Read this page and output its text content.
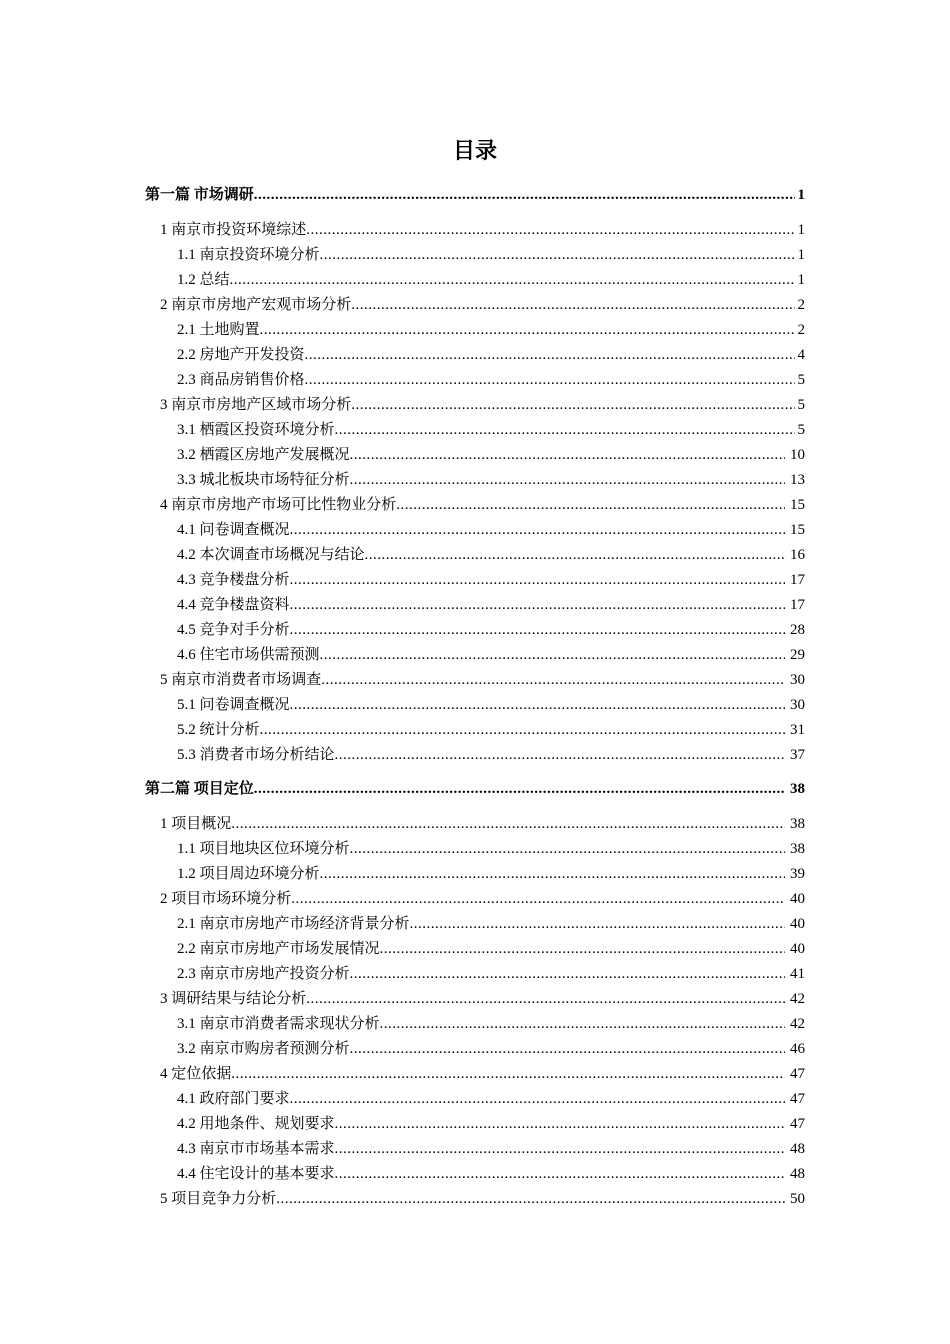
目录
第一篇 市场调研 .....	1
1 南京市投资环境综述 .....	1
1.1 南京投资环境分析 .....	1
1.2 总结 .....	1
2 南京市房地产宏观市场分析 .....	2
2.1 土地购置 .....	2
2.2 房地产开发投资 .....	4
2.3 商品房销售价格 .....	5
3 南京市房地产区域市场分析 .....	5
3.1 栖霞区投资环境分析 .....	5
3.2 栖霞区房地产发展概况 .....	10
3.3 城北板块市场特征分析 .....	13
4 南京市房地产市场可比性物业分析 .....	15
4.1 问卷调查概况 .....	15
4.2 本次调查市场概况与结论 .....	16
4.3 竞争楼盘分析 .....	17
4.4 竞争楼盘资料 .....	17
4.5 竞争对手分析 .....	28
4.6 住宅市场供需预测 .....	29
5 南京市消费者市场调查 .....	30
5.1 问卷调查概况 .....	30
5.2 统计分析 .....	31
5.3 消费者市场分析结论 .....	37
第二篇 项目定位 .....	38
1 项目概况 .....	38
1.1 项目地块区位环境分析 .....	38
1.2 项目周边环境分析 .....	39
2 项目市场环境分析 .....	40
2.1 南京市房地产市场经济背景分析 .....	40
2.2 南京市房地产市场发展情况 .....	40
2.3 南京市房地产投资分析 .....	41
3 调研结果与结论分析 .....	42
3.1 南京市消费者需求现状分析 .....	42
3.2 南京市购房者预测分析 .....	46
4 定位依据 .....	47
4.1 政府部门要求 .....	47
4.2 用地条件、规划要求 .....	47
4.3 南京市市场基本需求 .....	48
4.4 住宅设计的基本要求 .....	48
5 项目竞争力分析 .....	50
